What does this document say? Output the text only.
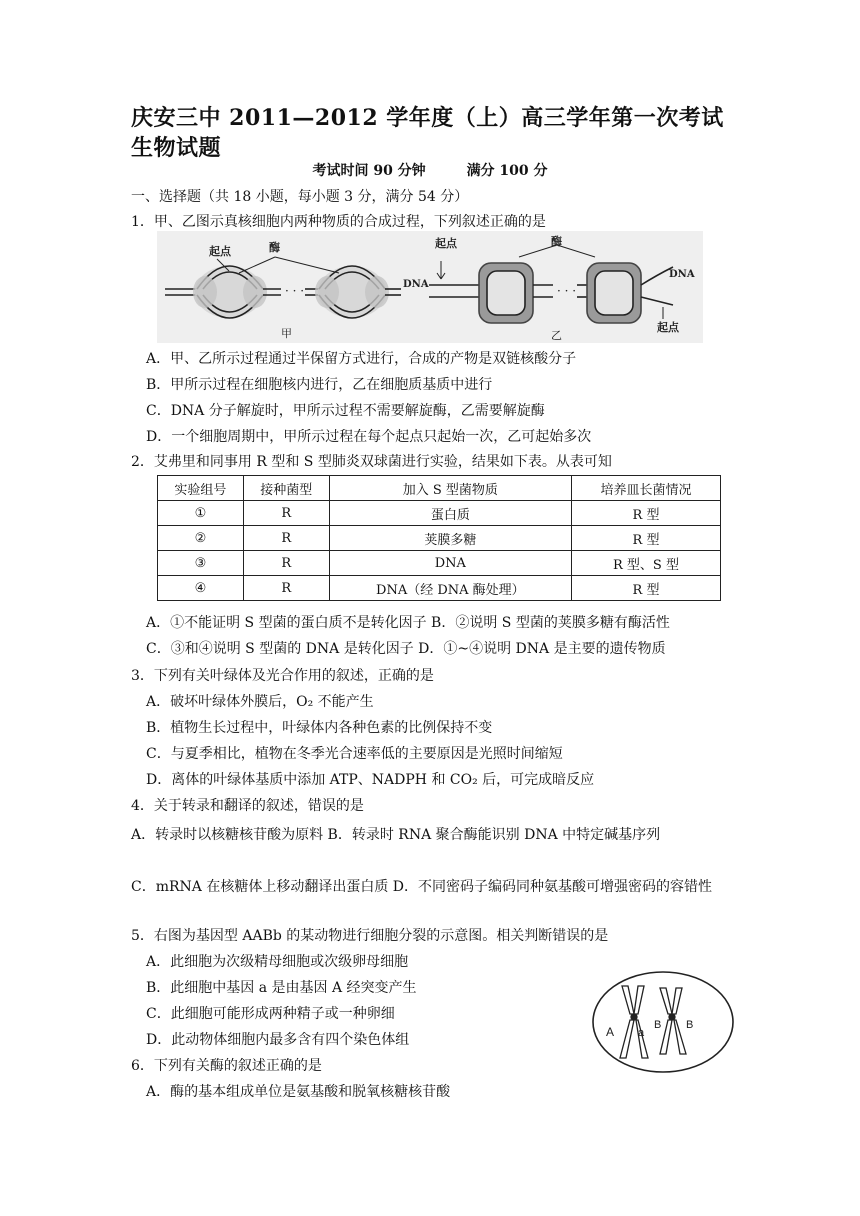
庆安三中 2011—2012 学年度（上）高三学年第一次考试生物试题
考试时间 90 分钟	满分 100 分
一、选择题（共 18 小题，每小题 3 分，满分 54 分）
1．甲、乙图示真核细胞内两种物质的合成过程，下列叙述正确的是
· · ·
起点	酶
DNA
甲
· · ·
起点	酶
DNA
起点
乙
A．甲、乙所示过程通过半保留方式进行，合成的产物是双链核酸分子
B．甲所示过程在细胞核内进行，乙在细胞质基质中进行
C．DNA 分子解旋时，甲所示过程不需要解旋酶，乙需要解旋酶
D．一个细胞周期中，甲所示过程在每个起点只起始一次，乙可起始多次
2．艾弗里和同事用 R 型和 S 型肺炎双球菌进行实验，结果如下表。从表可知
实验组号	接种菌型	加入 S 型菌物质	培养皿长菌情况
①	R	蛋白质	R 型
②	R	荚膜多糖	R 型
③	R	DNA	R 型、S 型
④	R	DNA（经 DNA 酶处理）	R 型
A．①不能证明 S 型菌的蛋白质不是转化因子 B．②说明 S 型菌的荚膜多糖有酶活性
C．③和④说明 S 型菌的 DNA 是转化因子 D．①~④说明 DNA 是主要的遗传物质
3．下列有关叶绿体及光合作用的叙述，正确的是
A．破坏叶绿体外膜后，O₂ 不能产生
B．植物生长过程中，叶绿体内各种色素的比例保持不变
C．与夏季相比，植物在冬季光合速率低的主要原因是光照时间缩短
D．离体的叶绿体基质中添加 ATP、NADPH 和 CO₂ 后，可完成暗反应
4．关于转录和翻译的叙述，错误的是
A．转录时以核糖核苷酸为原料 B．转录时 RNA 聚合酶能识别 DNA 中特定碱基序列
C．mRNA 在核糖体上移动翻译出蛋白质 D．不同密码子编码同种氨基酸可增强密码的容错性
5．右图为基因型 AABb 的某动物进行细胞分裂的示意图。相关判断错误的是
A．此细胞为次级精母细胞或次级卵母细胞
B．此细胞中基因 a 是由基因 A 经突变产生
C．此细胞可能形成两种精子或一种卵细
D．此动物体细胞内最多含有四个染色体组	A a
B B
6．下列有关酶的叙述正确的是
A．酶的基本组成单位是氨基酸和脱氧核糖核苷酸
